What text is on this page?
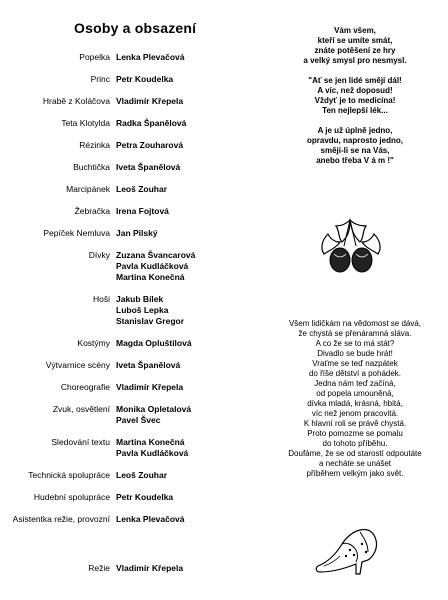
Osoby a obsazení
Popelka Lenka Plevačová
Princ Petr Koudelka
Hrabě z Koláčova Vladimír Křepela
Teta Klotylda Radka Španělová
Rézinka Petra Zouharová
Buchtička Iveta Španělová
Marcipánek Leoš Zouhar
Žebračka Irena Fojtová
Pepíček Nemluva Jan Pilský
Dívky Zuzana Švancarová
Pavla Kudláčková
Martina Konečná
Hoši Jakub Bílek
Luboš Lepka
Stanislav Gregor
Kostýmy Magda Opluštilová
Výtvarnice scény Iveta Španělová
Choreografie Vladimír Křepela
Zvuk, osvětlení Monika Opletalová
Pavel Švec
Sledování textu Martina Konečná
Pavla Kudláčková
Technická spolupráce Leoš Zouhar
Hudební spolupráce Petr Koudelka
Asistentka režie, provozní Lenka Plevačová
Režie Vladimír Křepela
Vám všem,
kteří se umíte smát,
znáte potěšení ze hry
a velký smysl pro nesmysl.
"Ať se jen lidé smějí dál!
A víc, než doposud!
Vždyť je to medicína!
Ten nejlepší lék...
A je už úplně jedno,
opravdu, naprosto jedno,
smějí-li se na Vás,
anebo třeba V á m !"
Všem lidičkám na vědomost se dává,
že chystá se přenáramná sláva.
A co že se to má stát?
Divadlo se bude hrát!
Vraťme se teď nazpátek
do říše dětství a pohádek.
Jedna nám teď začíná,
od popela umouněná,
dívka mladá, krásná, hbitá,
víc než jenom pracovitá.
K hlavní roli se právě chystá.
Proto pomozme se pomalu
do tohoto příběhu.
Doufáme, že se od starostí odpoutáte
a necháte se unášet
příběhem velkým jako svět.
